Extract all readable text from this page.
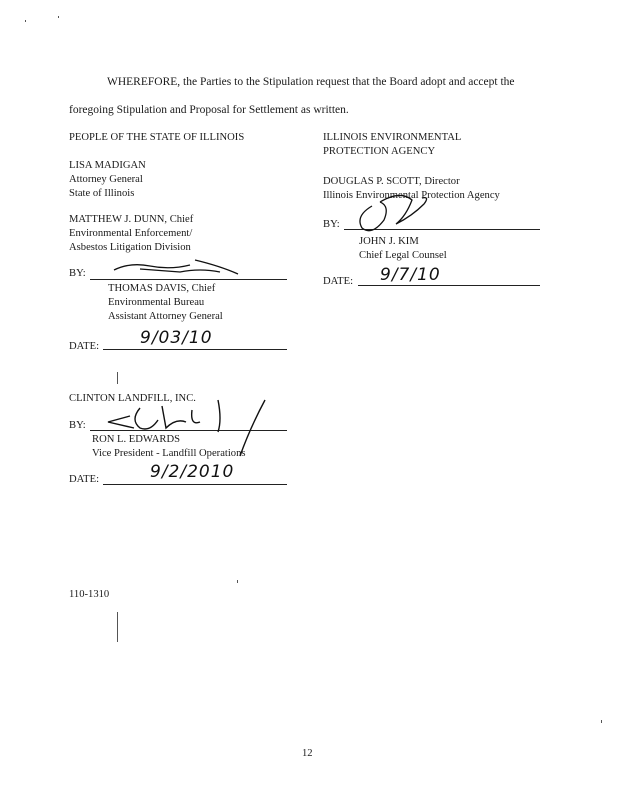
WHEREFORE, the Parties to the Stipulation request that the Board adopt and accept the
foregoing Stipulation and Proposal for Settlement as written.
PEOPLE OF THE STATE OF ILLINOIS
LISA MADIGAN
Attorney General
State of Illinois
MATTHEW J. DUNN, Chief
Environmental Enforcement/
Asbestos Litigation Division
BY:
THOMAS DAVIS, Chief
Environmental Bureau
Assistant Attorney General
DATE: 9/03/10
ILLINOIS ENVIRONMENTAL
PROTECTION AGENCY
DOUGLAS P. SCOTT, Director
Illinois Environmental Protection Agency
BY:
JOHN J. KIM
Chief Legal Counsel
DATE: 9/7/10
CLINTON LANDFILL, INC.
BY:
RON L. EDWARDS
Vice President - Landfill Operations
DATE:	9/2/2010
110-1310
12
